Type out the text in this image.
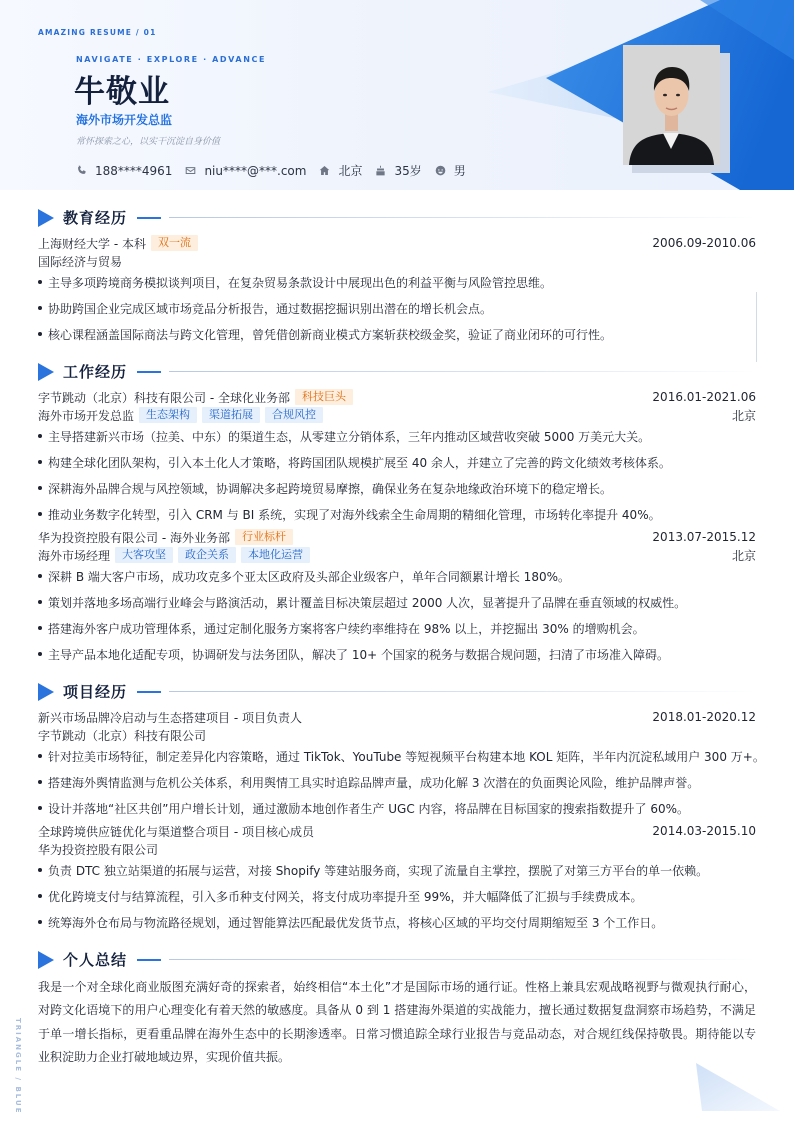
AMAZING RESUME / 01
NAVIGATE · EXPLORE · ADVANCE
牛敬业
海外市场开发总监
常怀探索之心，以实干沉淀自身价值
188****4961	niu****@***.com	北京	35岁	男
教育经历
上海财经大学 - 本科	双一流	2006.09-2010.06
国际经济与贸易
主导多项跨境商务模拟谈判项目，在复杂贸易条款设计中展现出色的利益平衡与风险管控思维。
协助跨国企业完成区域市场竞品分析报告，通过数据挖掘识别出潜在的增长机会点。
核心课程涵盖国际商法与跨文化管理，曾凭借创新商业模式方案斩获校级金奖，验证了商业闭环的可行性。
工作经历
字节跳动（北京）科技有限公司 - 全球化业务部	科技巨头	2016.01-2021.06
海外市场开发总监	生态架构	渠道拓展	合规风控	北京
主导搭建新兴市场（拉美、中东）的渠道生态，从零建立分销体系，三年内推动区域营收突破 5000 万美元大关。
构建全球化团队架构，引入本土化人才策略，将跨国团队规模扩展至 40 余人，并建立了完善的跨文化绩效考核体系。
深耕海外品牌合规与风控领域，协调解决多起跨境贸易摩擦，确保业务在复杂地缘政治环境下的稳定增长。
推动业务数字化转型，引入 CRM 与 BI 系统，实现了对海外线索全生命周期的精细化管理，市场转化率提升 40%。
华为投资控股有限公司 - 海外业务部	行业标杆	2013.07-2015.12
海外市场经理	大客攻坚	政企关系	本地化运营	北京
深耕 B 端大客户市场，成功攻克多个亚太区政府及头部企业级客户，单年合同额累计增长 180%。
策划并落地多场高端行业峰会与路演活动，累计覆盖目标决策层超过 2000 人次，显著提升了品牌在垂直领域的权威性。
搭建海外客户成功管理体系，通过定制化服务方案将客户续约率维持在 98% 以上，并挖掘出 30% 的增购机会。
主导产品本地化适配专项，协调研发与法务团队，解决了 10+ 个国家的税务与数据合规问题，扫清了市场准入障碍。
项目经历
新兴市场品牌冷启动与生态搭建项目 - 项目负责人	2018.01-2020.12
字节跳动（北京）科技有限公司
针对拉美市场特征，制定差异化内容策略，通过 TikTok、YouTube 等短视频平台构建本地 KOL 矩阵，半年内沉淀私域用户 300 万+。
搭建海外舆情监测与危机公关体系，利用舆情工具实时追踪品牌声量，成功化解 3 次潜在的负面舆论风险，维护品牌声誉。
设计并落地“社区共创”用户增长计划，通过激励本地创作者生产 UGC 内容，将品牌在目标国家的搜索指数提升了 60%。
全球跨境供应链优化与渠道整合项目 - 项目核心成员	2014.03-2015.10
华为投资控股有限公司
负责 DTC 独立站渠道的拓展与运营，对接 Shopify 等建站服务商，实现了流量自主掌控，摆脱了对第三方平台的单一依赖。
优化跨境支付与结算流程，引入多币种支付网关，将支付成功率提升至 99%，并大幅降低了汇损与手续费成本。
统筹海外仓布局与物流路径规划，通过智能算法匹配最优发货节点，将核心区域的平均交付周期缩短至 3 个工作日。
个人总结
我是一个对全球化商业版图充满好奇的探索者，始终相信“本土化”才是国际市场的通行证。性格上兼具宏观战略视野与微观执行耐心，对跨文化语境下的用户心理变化有着天然的敏感度。具备从 0 到 1 搭建海外渠道的实战能力，擅长通过数据复盘洞察市场趋势，不满足于单一增长指标，更看重品牌在海外生态中的长期渗透率。日常习惯追踪全球行业报告与竞品动态，对合规红线保持敬畏。期待能以专业积淀助力企业打破地域边界，实现价值共振。
TRIANGLE / BLUE
